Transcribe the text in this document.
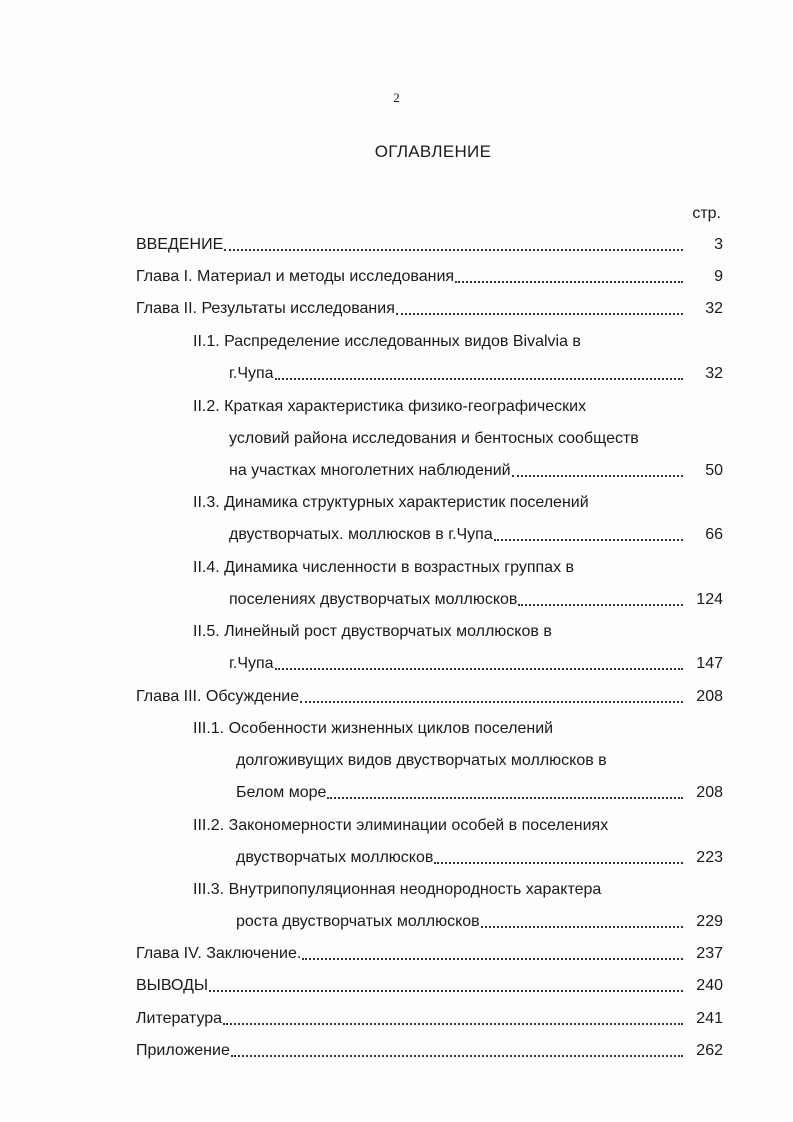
2
ОГЛАВЛЕНИЕ
стр.
ВВЕДЕНИЕ	3
Глава I. Материал и методы исследования	9
Глава II. Результаты исследования	32
II.1. Распределение исследованных видов Bivalvia в
г.Чупа	32
II.2. Краткая характеристика физико-географических
условий района исследования и бентосных сообществ
на участках многолетних наблюдений	50
II.3. Динамика структурных характеристик поселений
двустворчатых. моллюсков в г.Чупа	66
II.4. Динамика численности в возрастных группах в
поселениях двустворчатых моллюсков	124
II.5. Линейный рост двустворчатых моллюсков в
г.Чупа	147
Глава III. Обсуждение	208
III.1. Особенности жизненных циклов поселений
долгоживущих видов двустворчатых моллюсков в
Белом море	208
III.2. Закономерности элиминации особей в поселениях
двустворчатых моллюсков	223
III.3. Внутрипопуляционная неоднородность характера
роста двустворчатых моллюсков	229
Глава IV. Заключение.	237
ВЫВОДЫ	240
Литература	241
Приложение	262
